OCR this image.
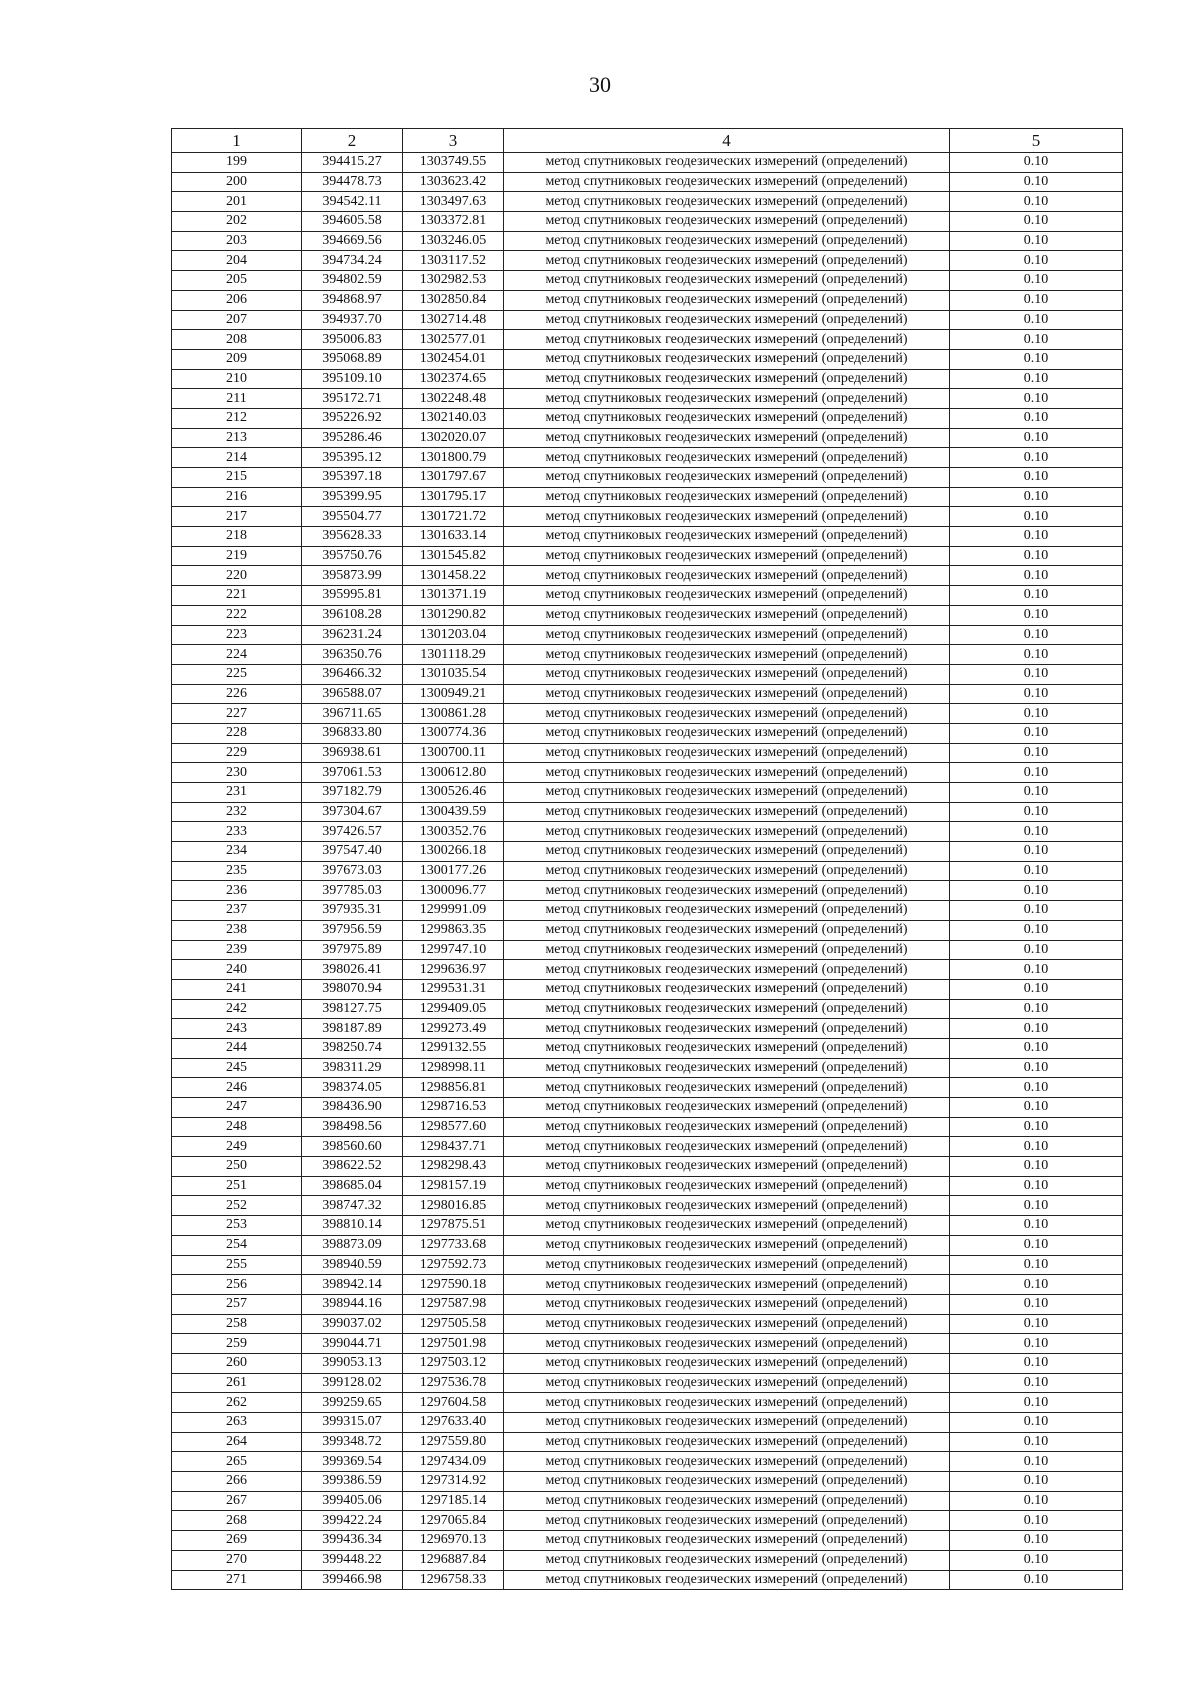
30
1	2	3	4	5
199	394415.27	1303749.55	метод спутниковых геодезических измерений (определений)	0.10
200	394478.73	1303623.42	метод спутниковых геодезических измерений (определений)	0.10
201	394542.11	1303497.63	метод спутниковых геодезических измерений (определений)	0.10
202	394605.58	1303372.81	метод спутниковых геодезических измерений (определений)	0.10
203	394669.56	1303246.05	метод спутниковых геодезических измерений (определений)	0.10
204	394734.24	1303117.52	метод спутниковых геодезических измерений (определений)	0.10
205	394802.59	1302982.53	метод спутниковых геодезических измерений (определений)	0.10
206	394868.97	1302850.84	метод спутниковых геодезических измерений (определений)	0.10
207	394937.70	1302714.48	метод спутниковых геодезических измерений (определений)	0.10
208	395006.83	1302577.01	метод спутниковых геодезических измерений (определений)	0.10
209	395068.89	1302454.01	метод спутниковых геодезических измерений (определений)	0.10
210	395109.10	1302374.65	метод спутниковых геодезических измерений (определений)	0.10
211	395172.71	1302248.48	метод спутниковых геодезических измерений (определений)	0.10
212	395226.92	1302140.03	метод спутниковых геодезических измерений (определений)	0.10
213	395286.46	1302020.07	метод спутниковых геодезических измерений (определений)	0.10
214	395395.12	1301800.79	метод спутниковых геодезических измерений (определений)	0.10
215	395397.18	1301797.67	метод спутниковых геодезических измерений (определений)	0.10
216	395399.95	1301795.17	метод спутниковых геодезических измерений (определений)	0.10
217	395504.77	1301721.72	метод спутниковых геодезических измерений (определений)	0.10
218	395628.33	1301633.14	метод спутниковых геодезических измерений (определений)	0.10
219	395750.76	1301545.82	метод спутниковых геодезических измерений (определений)	0.10
220	395873.99	1301458.22	метод спутниковых геодезических измерений (определений)	0.10
221	395995.81	1301371.19	метод спутниковых геодезических измерений (определений)	0.10
222	396108.28	1301290.82	метод спутниковых геодезических измерений (определений)	0.10
223	396231.24	1301203.04	метод спутниковых геодезических измерений (определений)	0.10
224	396350.76	1301118.29	метод спутниковых геодезических измерений (определений)	0.10
225	396466.32	1301035.54	метод спутниковых геодезических измерений (определений)	0.10
226	396588.07	1300949.21	метод спутниковых геодезических измерений (определений)	0.10
227	396711.65	1300861.28	метод спутниковых геодезических измерений (определений)	0.10
228	396833.80	1300774.36	метод спутниковых геодезических измерений (определений)	0.10
229	396938.61	1300700.11	метод спутниковых геодезических измерений (определений)	0.10
230	397061.53	1300612.80	метод спутниковых геодезических измерений (определений)	0.10
231	397182.79	1300526.46	метод спутниковых геодезических измерений (определений)	0.10
232	397304.67	1300439.59	метод спутниковых геодезических измерений (определений)	0.10
233	397426.57	1300352.76	метод спутниковых геодезических измерений (определений)	0.10
234	397547.40	1300266.18	метод спутниковых геодезических измерений (определений)	0.10
235	397673.03	1300177.26	метод спутниковых геодезических измерений (определений)	0.10
236	397785.03	1300096.77	метод спутниковых геодезических измерений (определений)	0.10
237	397935.31	1299991.09	метод спутниковых геодезических измерений (определений)	0.10
238	397956.59	1299863.35	метод спутниковых геодезических измерений (определений)	0.10
239	397975.89	1299747.10	метод спутниковых геодезических измерений (определений)	0.10
240	398026.41	1299636.97	метод спутниковых геодезических измерений (определений)	0.10
241	398070.94	1299531.31	метод спутниковых геодезических измерений (определений)	0.10
242	398127.75	1299409.05	метод спутниковых геодезических измерений (определений)	0.10
243	398187.89	1299273.49	метод спутниковых геодезических измерений (определений)	0.10
244	398250.74	1299132.55	метод спутниковых геодезических измерений (определений)	0.10
245	398311.29	1298998.11	метод спутниковых геодезических измерений (определений)	0.10
246	398374.05	1298856.81	метод спутниковых геодезических измерений (определений)	0.10
247	398436.90	1298716.53	метод спутниковых геодезических измерений (определений)	0.10
248	398498.56	1298577.60	метод спутниковых геодезических измерений (определений)	0.10
249	398560.60	1298437.71	метод спутниковых геодезических измерений (определений)	0.10
250	398622.52	1298298.43	метод спутниковых геодезических измерений (определений)	0.10
251	398685.04	1298157.19	метод спутниковых геодезических измерений (определений)	0.10
252	398747.32	1298016.85	метод спутниковых геодезических измерений (определений)	0.10
253	398810.14	1297875.51	метод спутниковых геодезических измерений (определений)	0.10
254	398873.09	1297733.68	метод спутниковых геодезических измерений (определений)	0.10
255	398940.59	1297592.73	метод спутниковых геодезических измерений (определений)	0.10
256	398942.14	1297590.18	метод спутниковых геодезических измерений (определений)	0.10
257	398944.16	1297587.98	метод спутниковых геодезических измерений (определений)	0.10
258	399037.02	1297505.58	метод спутниковых геодезических измерений (определений)	0.10
259	399044.71	1297501.98	метод спутниковых геодезических измерений (определений)	0.10
260	399053.13	1297503.12	метод спутниковых геодезических измерений (определений)	0.10
261	399128.02	1297536.78	метод спутниковых геодезических измерений (определений)	0.10
262	399259.65	1297604.58	метод спутниковых геодезических измерений (определений)	0.10
263	399315.07	1297633.40	метод спутниковых геодезических измерений (определений)	0.10
264	399348.72	1297559.80	метод спутниковых геодезических измерений (определений)	0.10
265	399369.54	1297434.09	метод спутниковых геодезических измерений (определений)	0.10
266	399386.59	1297314.92	метод спутниковых геодезических измерений (определений)	0.10
267	399405.06	1297185.14	метод спутниковых геодезических измерений (определений)	0.10
268	399422.24	1297065.84	метод спутниковых геодезических измерений (определений)	0.10
269	399436.34	1296970.13	метод спутниковых геодезических измерений (определений)	0.10
270	399448.22	1296887.84	метод спутниковых геодезических измерений (определений)	0.10
271	399466.98	1296758.33	метод спутниковых геодезических измерений (определений)	0.10
